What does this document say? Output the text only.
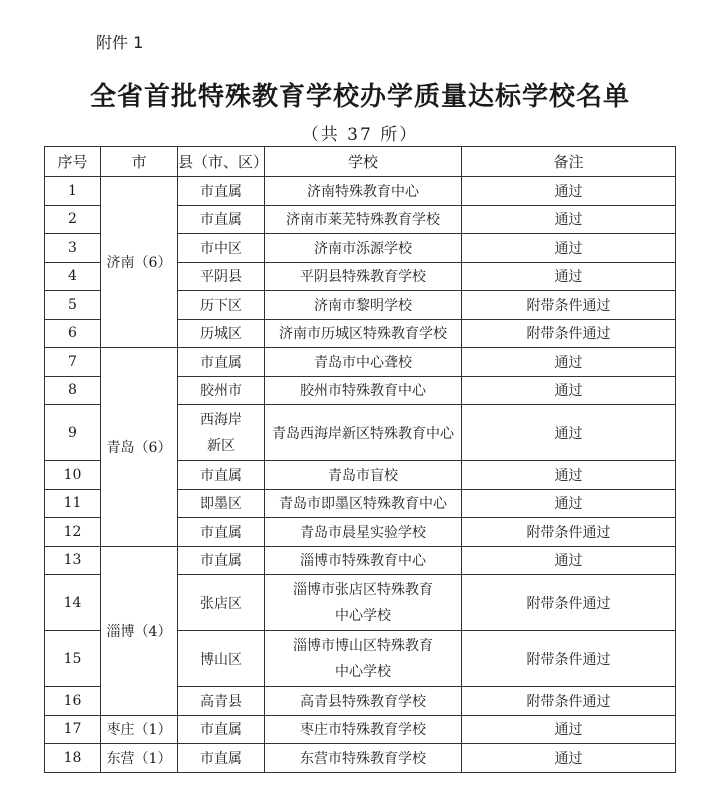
附件 1
全省首批特殊教育学校办学质量达标学校名单
（共 37 所）
序号	市	县（市、区）	学校	备注
1	济南（6）	市直属	济南特殊教育中心	通过
2		市直属	济南市莱芜特殊教育学校	通过
3		市中区	济南市泺源学校	通过
4		平阴县	平阴县特殊教育学校	通过
5		历下区	济南市黎明学校	附带条件通过
6		历城区	济南市历城区特殊教育学校	附带条件通过
7	青岛（6）	市直属	青岛市中心聋校	通过
8		胶州市	胶州市特殊教育中心	通过
9		西海岸
新区	青岛西海岸新区特殊教育中心	通过
10		市直属	青岛市盲校	通过
11		即墨区	青岛市即墨区特殊教育中心	通过
12		市直属	青岛市晨星实验学校	附带条件通过
13	淄博（4）	市直属	淄博市特殊教育中心	通过
14		张店区	淄博市张店区特殊教育
中心学校	附带条件通过
15		博山区	淄博市博山区特殊教育
中心学校	附带条件通过
16		高青县	高青县特殊教育学校	附带条件通过
17	枣庄（1）	市直属	枣庄市特殊教育学校	通过
18	东营（1）	市直属	东营市特殊教育学校	通过
